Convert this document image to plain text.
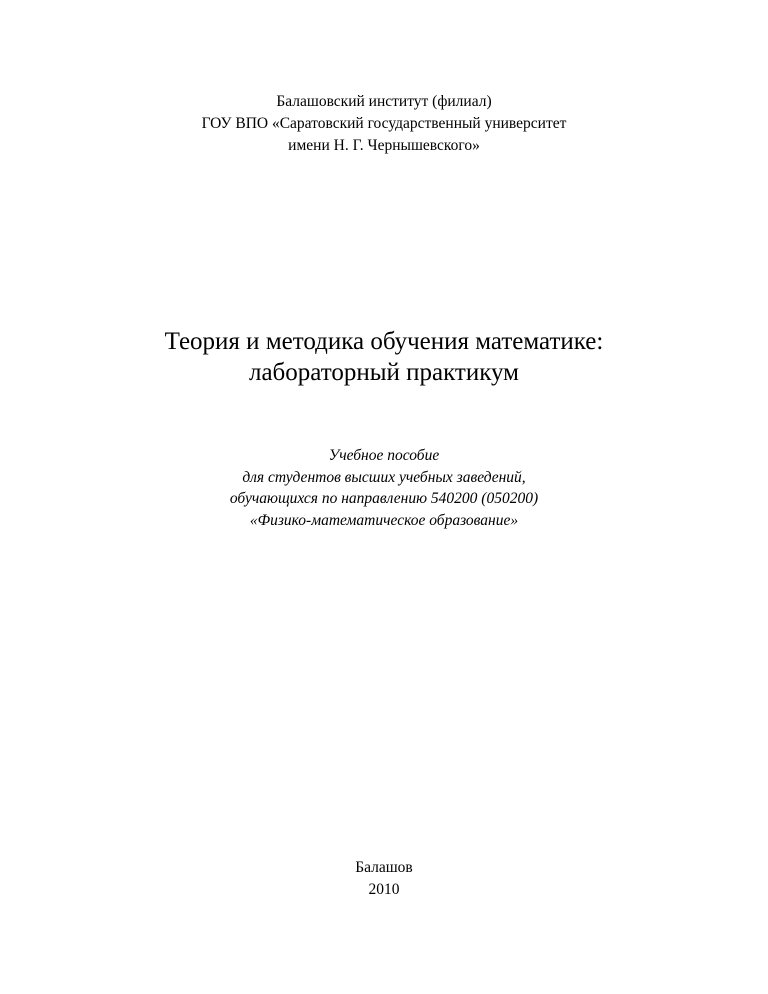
Балашовский институт (филиал)
ГОУ ВПО «Саратовский государственный университет
имени Н. Г. Чернышевского»
Теория и методика обучения математике:
лабораторный практикум
Учебное пособие
для студентов высших учебных заведений,
обучающихся по направлению 540200 (050200)
«Физико-математическое образование»
Балашов
2010
